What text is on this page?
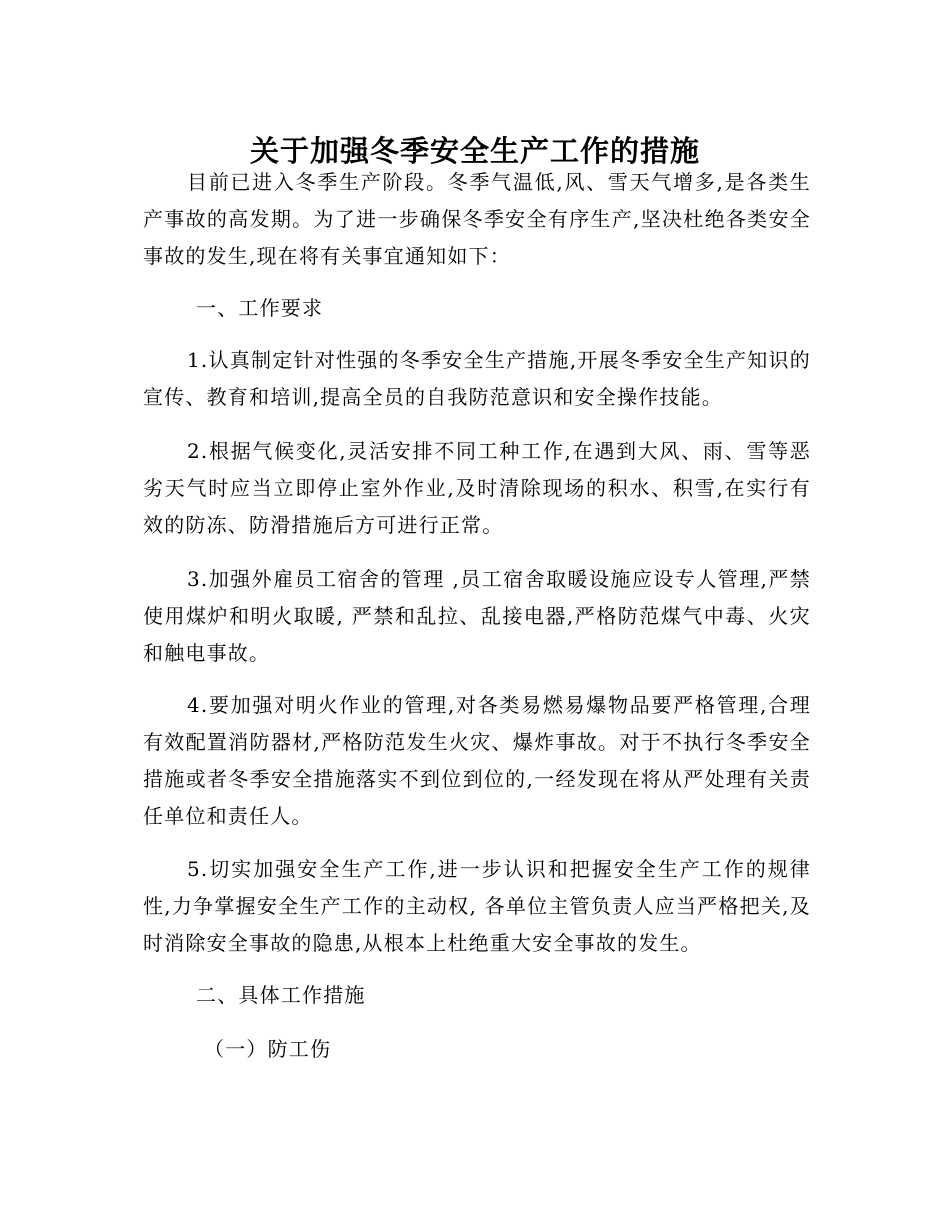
关于加强冬季安全生产工作的措施

目前已进入冬季生产阶段。冬季气温低,风、雪天气增多,是各类生产事故的高发期。为了进一步确保冬季安全有序生产,坚决杜绝各类安全事故的发生,现在将有关事宜通知如下：

一、工作要求

1.认真制定针对性强的冬季安全生产措施,开展冬季安全生产知识的宣传、教育和培训,提高全员的自我防范意识和安全操作技能。

2.根据气候变化,灵活安排不同工种工作,在遇到大风、雨、雪等恶劣天气时应当立即停止室外作业,及时清除现场的积水、积雪,在实行有效的防冻、防滑措施后方可进行正常。

3.加强外雇员工宿舍的管理 ,员工宿舍取暖设施应设专人管理,严禁使用煤炉和明火取暖, 严禁和乱拉、乱接电器,严格防范煤气中毒、火灾和触电事故。

4.要加强对明火作业的管理,对各类易燃易爆物品要严格管理,合理有效配置消防器材,严格防范发生火灾、爆炸事故。对于不执行冬季安全措施或者冬季安全措施落实不到位到位的,一经发现在将从严处理有关责任单位和责任人。

5.切实加强安全生产工作,进一步认识和把握安全生产工作的规律性,力争掌握安全生产工作的主动权, 各单位主管负责人应当严格把关,及时消除安全事故的隐患,从根本上杜绝重大安全事故的发生。

二、具体工作措施

（一）防工伤
